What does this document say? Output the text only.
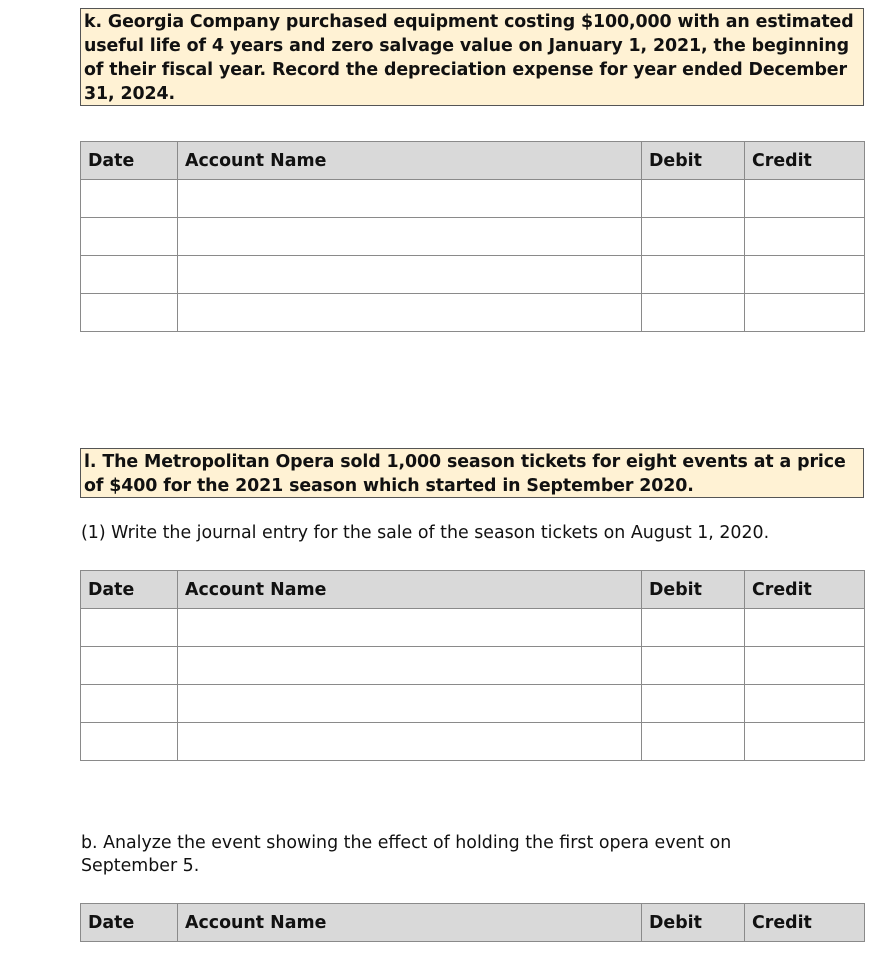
k. Georgia Company purchased equipment costing $100,000 with an estimated useful life of 4 years and zero salvage value on January 1, 2021, the beginning of their fiscal year. Record the depreciation expense for year ended December 31, 2024.
Date	Account Name	Debit	Credit

l. The Metropolitan Opera sold 1,000 season tickets for eight events at a price of $400 for the 2021 season which started in September 2020.
(1) Write the journal entry for the sale of the season tickets on August 1, 2020.
Date	Account Name	Debit	Credit

b. Analyze the event showing the effect of holding the first opera event on September 5.
Date	Account Name	Debit	Credit
